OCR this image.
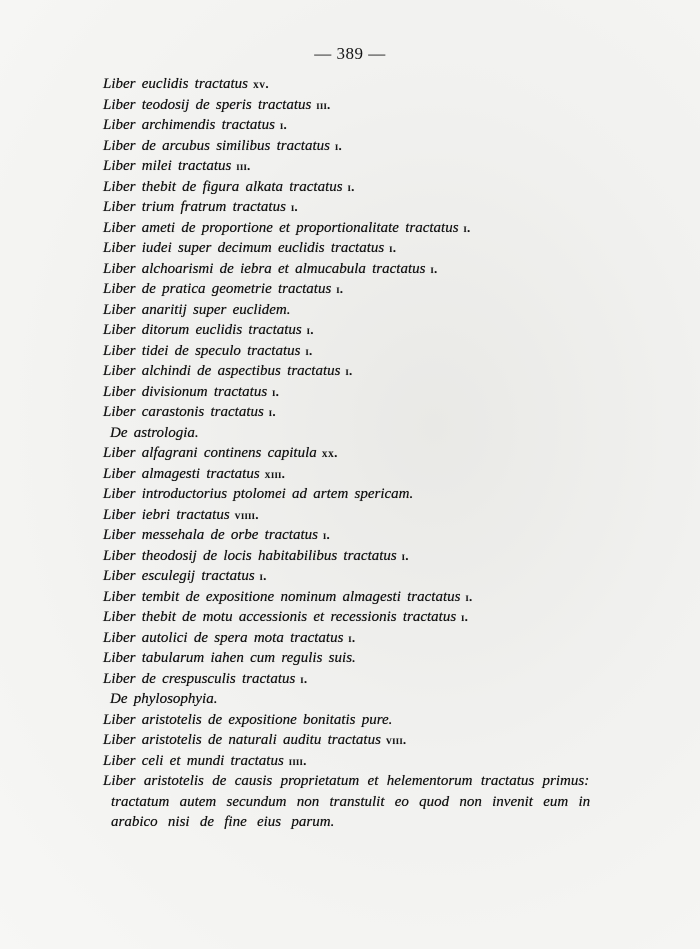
— 389 —
Liber euclidis tractatus xv.
Liber teodosij de speris tractatus iii.
Liber archimendis tractatus i.
Liber de arcubus similibus tractatus i.
Liber milei tractatus iii.
Liber thebit de figura alkata tractatus i.
Liber trium fratrum tractatus i.
Liber ameti de proportione et proportionalitate tractatus i.
Liber iudei super decimum euclidis tractatus i.
Liber alchoarismi de iebra et almucabula tractatus i.
Liber de pratica geometrie tractatus i.
Liber anaritij super euclidem.
Liber ditorum euclidis tractatus i.
Liber tidei de speculo tractatus i.
Liber alchindi de aspectibus tractatus i.
Liber divisionum tractatus i.
Liber carastonis tractatus i.
De astrologia.
Liber alfagrani continens capitula xx.
Liber almagesti tractatus xiii.
Liber introductorius ptolomei ad artem spericam.
Liber iebri tractatus viiii.
Liber messehala de orbe tractatus i.
Liber theodosij de locis habitabilibus tractatus i.
Liber esculegij tractatus i.
Liber tembit de expositione nominum almagesti tractatus i.
Liber thebit de motu accessionis et recessionis tractatus i.
Liber autolici de spera mota tractatus i.
Liber tabularum iahen cum regulis suis.
Liber de crespusculis tractatus i.
De phylosophyia.
Liber aristotelis de expositione bonitatis pure.
Liber aristotelis de naturali auditu tractatus viii.
Liber celi et mundi tractatus iiii.
Liber aristotelis de causis proprietatum et helementorum tractatus primus:
tractatum autem secundum non transtulit eo quod non invenit eum in
arabico nisi de fine eius parum.
